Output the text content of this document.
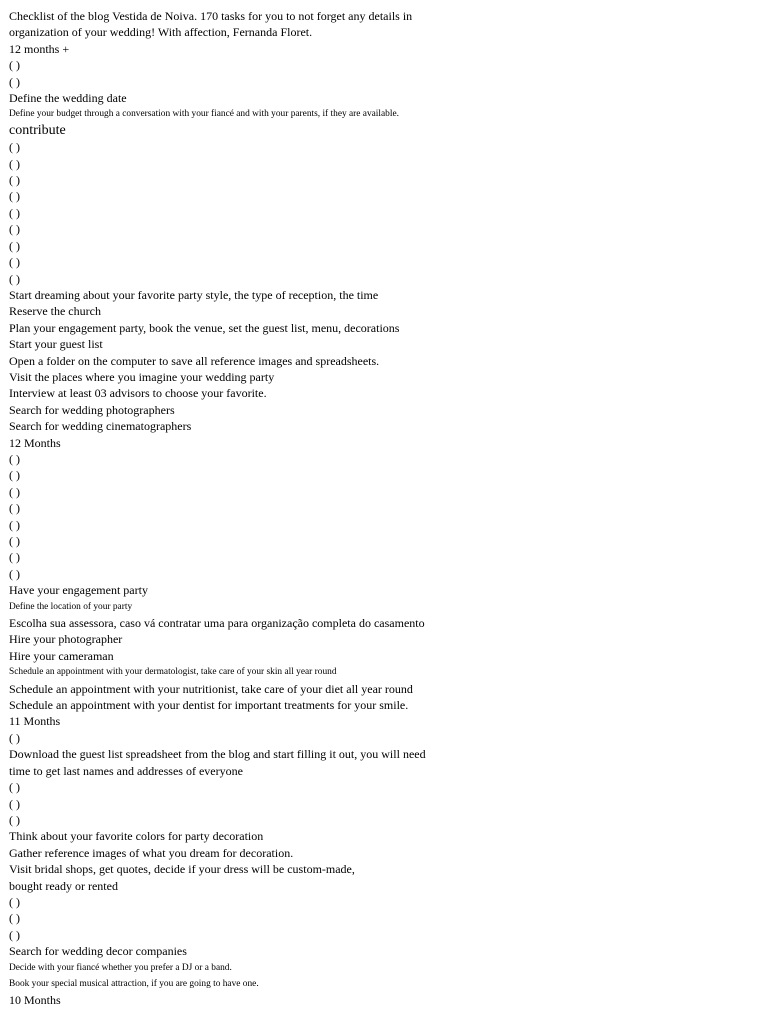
Checklist of the blog Vestida de Noiva. 170 tasks for you to not forget any details in
organization of your wedding! With affection, Fernanda Floret.
12 months +
( )
( )
Define the wedding date
Define your budget through a conversation with your fiancé and with your parents, if they are available.
contribute
( )
( )
( )
( )
( )
( )
( )
( )
( )
Start dreaming about your favorite party style, the type of reception, the time
Reserve the church
Plan your engagement party, book the venue, set the guest list, menu, decorations
Start your guest list
Open a folder on the computer to save all reference images and spreadsheets.
Visit the places where you imagine your wedding party
Interview at least 03 advisors to choose your favorite.
Search for wedding photographers
Search for wedding cinematographers
12 Months
( )
( )
( )
( )
( )
( )
( )
( )
Have your engagement party
Define the location of your party
Escolha sua assessora, caso vá contratar uma para organização completa do casamento
Hire your photographer
Hire your cameraman
Schedule an appointment with your dermatologist, take care of your skin all year round
Schedule an appointment with your nutritionist, take care of your diet all year round
Schedule an appointment with your dentist for important treatments for your smile.
11 Months
( )
Download the guest list spreadsheet from the blog and start filling it out, you will need
time to get last names and addresses of everyone
( )
( )
( )
Think about your favorite colors for party decoration
Gather reference images of what you dream for decoration.
Visit bridal shops, get quotes, decide if your dress will be custom-made,
bought ready or rented
( )
( )
( )
Search for wedding decor companies
Decide with your fiancé whether you prefer a DJ or a band.
Book your special musical attraction, if you are going to have one.
10 Months
